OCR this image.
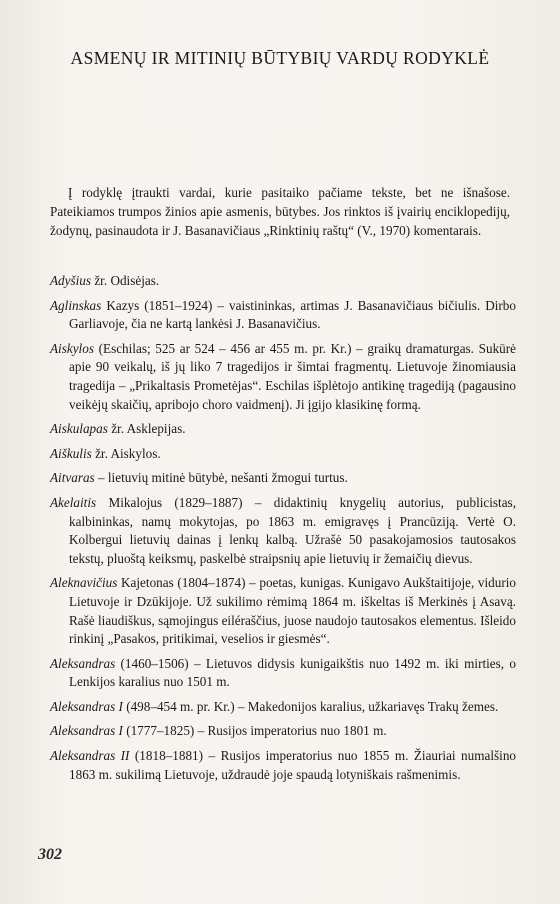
ASMENŲ IR MITINIŲ BŪTYBIŲ VARDŲ RODYKLĖ

Į rodyklę įtraukti vardai, kurie pasitaiko pačiame tekste, bet ne išnašose. Pateikiamos trumpos žinios apie asmenis, būtybes. Jos rinktos iš įvairių enciklopedijų, žodynų, pasinaudota ir J. Basanavičiaus „Rinktinių raštų“ (V., 1970) komentarais.

Adyšius žr. Odisėjas.
Aglinskas Kazys (1851–1924) – vaistininkas, artimas J. Basanavičiaus bičiulis. Dirbo Garliavoje, čia ne kartą lankėsi J. Basanavičius.
Aiskylos (Eschilas; 525 ar 524 – 456 ar 455 m. pr. Kr.) – graikų dramaturgas. Sukūrė apie 90 veikalų, iš jų liko 7 tragedijos ir šimtai fragmentų. Lietuvoje žinomiausia tragedija – „Prikaltasis Prometėjas“. Eschilas išplėtojo antikinę tragediją (pagausino veikėjų skaičių, apribojo choro vaidmenį). Ji įgijo klasikinę formą.
Aiskulapas žr. Asklepijas.
Aiškulis žr. Aiskylos.
Aitvaras – lietuvių mitinė būtybė, nešanti žmogui turtus.
Akelaitis Mikalojus (1829–1887) – didaktinių knygelių autorius, publicistas, kalbininkas, namų mokytojas, po 1863 m. emigravęs į Prancūziją. Vertė O. Kolbergui lietuvių dainas į lenkų kalbą. Užrašė 50 pasakojamosios tautosakos tekstų, pluoštą keiksmų, paskelbė straipsnių apie lietuvių ir žemaičių dievus.
Aleknavičius Kajetonas (1804–1874) – poetas, kunigas. Kunigavo Aukštaitijoje, vidurio Lietuvoje ir Dzūkijoje. Už sukilimo rėmimą 1864 m. iškeltas iš Merkinės į Asavą. Rašė liaudiškus, sąmojingus eiléraščius, juose naudojo tautosakos elementus. Išleido rinkinį „Pasakos, pritikimai, veselios ir giesmės“.
Aleksandras (1460–1506) – Lietuvos didysis kunigaikštis nuo 1492 m. iki mirties, o Lenkijos karalius nuo 1501 m.
Aleksandras I (498–454 m. pr. Kr.) – Makedonijos karalius, užkariavęs Trakų žemes.
Aleksandras I (1777–1825) – Rusijos imperatorius nuo 1801 m.
Aleksandras II (1818–1881) – Rusijos imperatorius nuo 1855 m. Žiauriai numalšino 1863 m. sukilimą Lietuvoje, uždraudė joje spaudą lotyniškais rašmenimis.
302
